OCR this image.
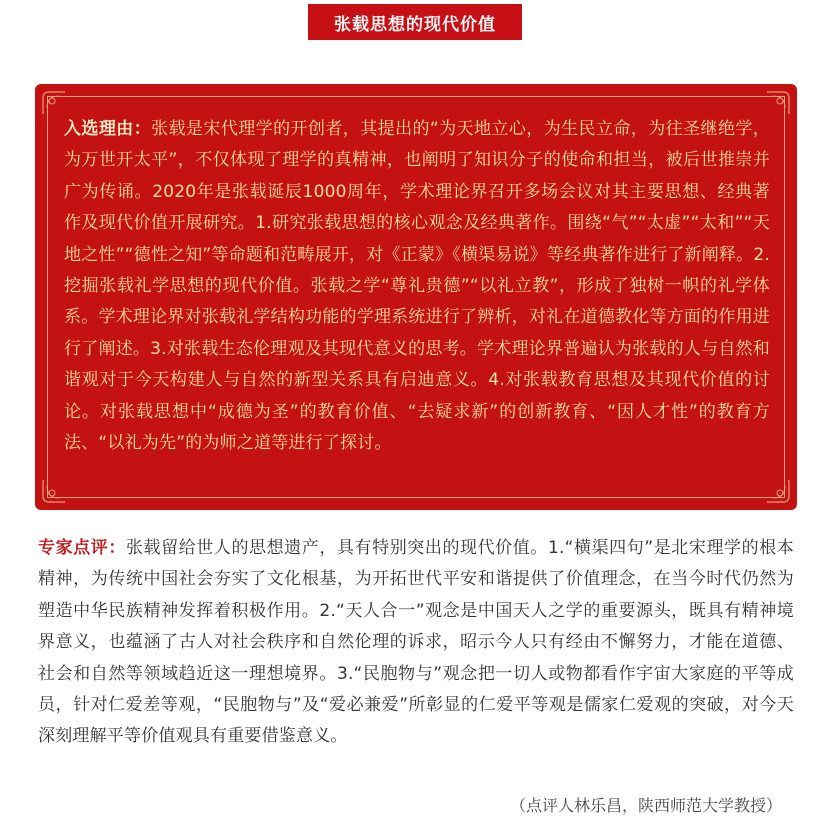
张载思想的现代价值

入选理由：张载是宋代理学的开创者，其提出的“为天地立心，为生民立命，为往圣继绝学，为万世开太平”，不仅体现了理学的真精神，也阐明了知识分子的使命和担当，被后世推崇并广为传诵。2020年是张载诞辰1000周年，学术理论界召开多场会议对其主要思想、经典著作及现代价值开展研究。1.研究张载思想的核心观念及经典著作。围绕“气”“太虚”“太和”“天地之性”“德性之知”等命题和范畴展开，对《正蒙》《横渠易说》等经典著作进行了新阐释。2.挖掘张载礼学思想的现代价值。张载之学“尊礼贵德”“以礼立教”，形成了独树一帜的礼学体系。学术理论界对张载礼学结构功能的学理系统进行了辨析，对礼在道德教化等方面的作用进行了阐述。3.对张载生态伦理观及其现代意义的思考。学术理论界普遍认为张载的人与自然和谐观对于今天构建人与自然的新型关系具有启迪意义。4.对张载教育思想及其现代价值的讨论。对张载思想中“成德为圣”的教育价值、“去疑求新”的创新教育、“因人才性”的教育方法、“以礼为先”的为师之道等进行了探讨。

专家点评：张载留给世人的思想遗产，具有特别突出的现代价值。1.“横渠四句”是北宋理学的根本精神，为传统中国社会夯实了文化根基，为开拓世代平安和谐提供了价值理念，在当今时代仍然为塑造中华民族精神发挥着积极作用。2.“天人合一”观念是中国天人之学的重要源头，既具有精神境界意义，也蕴涵了古人对社会秩序和自然伦理的诉求，昭示今人只有经由不懈努力，才能在道德、社会和自然等领域趋近这一理想境界。3.“民胞物与”观念把一切人或物都看作宇宙大家庭的平等成员，针对仁爱差等观，“民胞物与”及“爱必兼爱”所彰显的仁爱平等观是儒家仁爱观的突破，对今天深刻理解平等价值观具有重要借鉴意义。

（点评人林乐昌，陕西师范大学教授）
